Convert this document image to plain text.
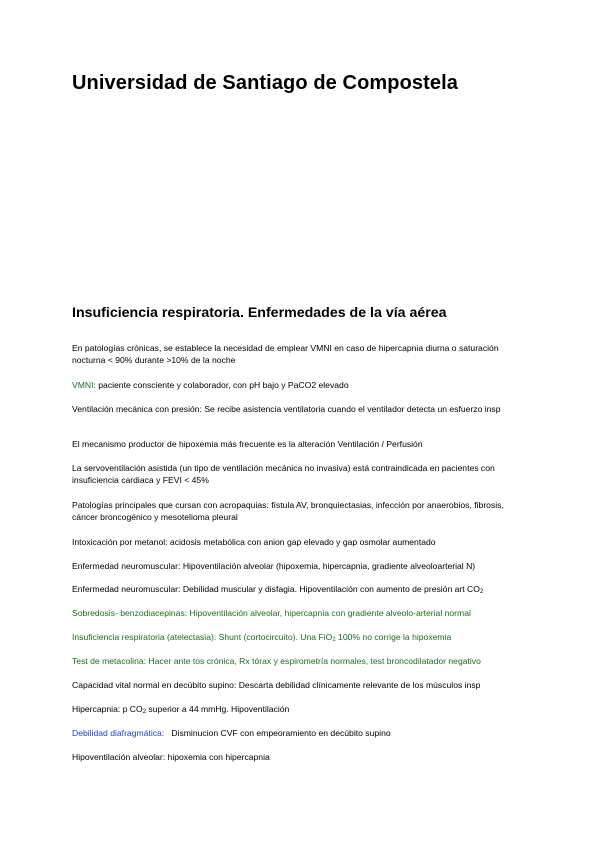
Universidad de Santiago de Compostela
Insuficiencia respiratoria. Enfermedades de la vía aérea
En patologías crónicas, se establece la necesidad de emplear VMNI en caso de hipercapnia diurna o saturación nocturna < 90% durante >10% de la noche
VMNI: paciente consciente y colaborador, con pH bajo y PaCO2 elevado
Ventilación mecánica con presión: Se recibe asistencia ventilatoria cuando el ventilador detecta un esfuerzo insp
El mecanismo productor de hipoxemia más frecuente es la alteración Ventilación / Perfusión
La servoventilación asistida (un tipo de ventilación mecánica no invasiva) está contraindicada en pacientes con insuficiencia cardiaca y FEVI < 45%
Patologías principales que cursan con acropaquias: fístula AV, bronquiectasias, infección por anaerobios, fibrosis, cáncer broncogénico y mesotelioma pleural
Intoxicación por metanol: acidosis metabólica con anion gap elevado y gap osmolar aumentado
Enfermedad neuromuscular: Hipoventilación alveolar (hipoxemia, hipercapnia, gradiente alveoloarterial N)
Enfermedad neuromuscular: Debilidad muscular y disfagia. Hipoventilación con aumento de presión art $CO_2$
Sobredosis- benzodiacepinas: Hipoventilación alveolar, hipercapnia con gradiente alveolo-arterial normal
Insuficiencia respiratoria (atelectasia): Shunt (cortocircuito). Una FiO$_2$ 100% no corrige la hipoxemia
Test de metacolina: Hacer ante tos crónica, Rx tórax y espirometría normales, test broncodilatador negativo
Capacidad vital normal en decúbito supino: Descarta debilidad clínicamente relevante de los músculos insp
Hipercapnia: p $CO_2$ superior a 44 mmHg. Hipoventilación
Debilidad diafragmática:   Disminucion CVF con empeoramiento en decúbito supino
Hipoventilación alveolar: hipoxemia con hipercapnia
